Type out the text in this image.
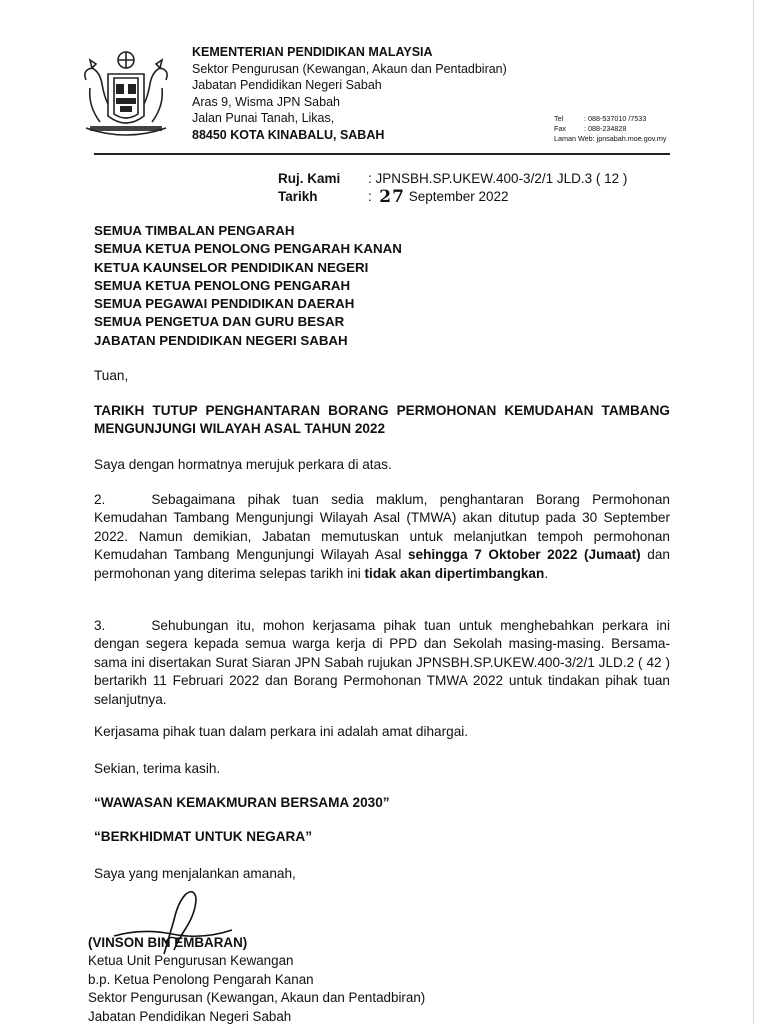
KEMENTERIAN PENDIDIKAN MALAYSIA
Sektor Pengurusan (Kewangan, Akaun dan Pentadbiran)
Jabatan Pendidikan Negeri Sabah
Aras 9, Wisma JPN Sabah
Jalan Punai Tanah, Likas,
88450 KOTA KINABALU, SABAH
Tel	: 088-537010 /7533
Fax	: 088-234828
Laman Web:
jpnsabah.moe.gov.my
Ruj. Kami	: JPNSBH.SP.UKEW.400-3/2/1 JLD.3 ( 12 )
Tarikh	:
27
September 2022
SEMUA TIMBALAN PENGARAH
SEMUA KETUA PENOLONG PENGARAH KANAN
KETUA KAUNSELOR PENDIDIKAN NEGERI
SEMUA KETUA PENOLONG PENGARAH
SEMUA PEGAWAI PENDIDIKAN DAERAH
SEMUA PENGETUA DAN GURU BESAR
JABATAN PENDIDIKAN NEGERI SABAH
Tuan,
TARIKH TUTUP PENGHANTARAN BORANG PERMOHONAN KEMUDAHAN TAMBANG MENGUNJUNGI WILAYAH ASAL TAHUN 2022
Saya dengan hormatnya merujuk perkara di atas.
2.	Sebagaimana pihak tuan sedia maklum, penghantaran Borang Permohonan Kemudahan Tambang Mengunjungi Wilayah Asal (TMWA) akan ditutup pada 30 September 2022. Namun demikian, Jabatan memutuskan untuk melanjutkan tempoh permohonan Kemudahan Tambang Mengunjungi Wilayah Asal sehingga 7 Oktober 2022 (Jumaat) dan permohonan yang diterima selepas tarikh ini tidak akan dipertimbangkan.
3.	Sehubungan itu, mohon kerjasama pihak tuan untuk menghebahkan perkara ini dengan segera kepada semua warga kerja di PPD dan Sekolah masing-masing. Bersama-sama ini disertakan Surat Siaran JPN Sabah rujukan JPNSBH.SP.UKEW.400-3/2/1 JLD.2 ( 42 ) bertarikh 11 Februari 2022 dan Borang Permohonan TMWA 2022 untuk tindakan pihak tuan selanjutnya.
Kerjasama pihak tuan dalam perkara ini adalah amat dihargai.
Sekian, terima kasih.
“WAWASAN KEMAKMURAN BERSAMA 2030”
“BERKHIDMAT UNTUK NEGARA”
Saya yang menjalankan amanah,
(VINSON BIN EMBARAN)
Ketua Unit Pengurusan Kewangan
b.p. Ketua Penolong Pengarah Kanan
Sektor Pengurusan (Kewangan, Akaun dan Pentadbiran)
Jabatan Pendidikan Negeri Sabah
